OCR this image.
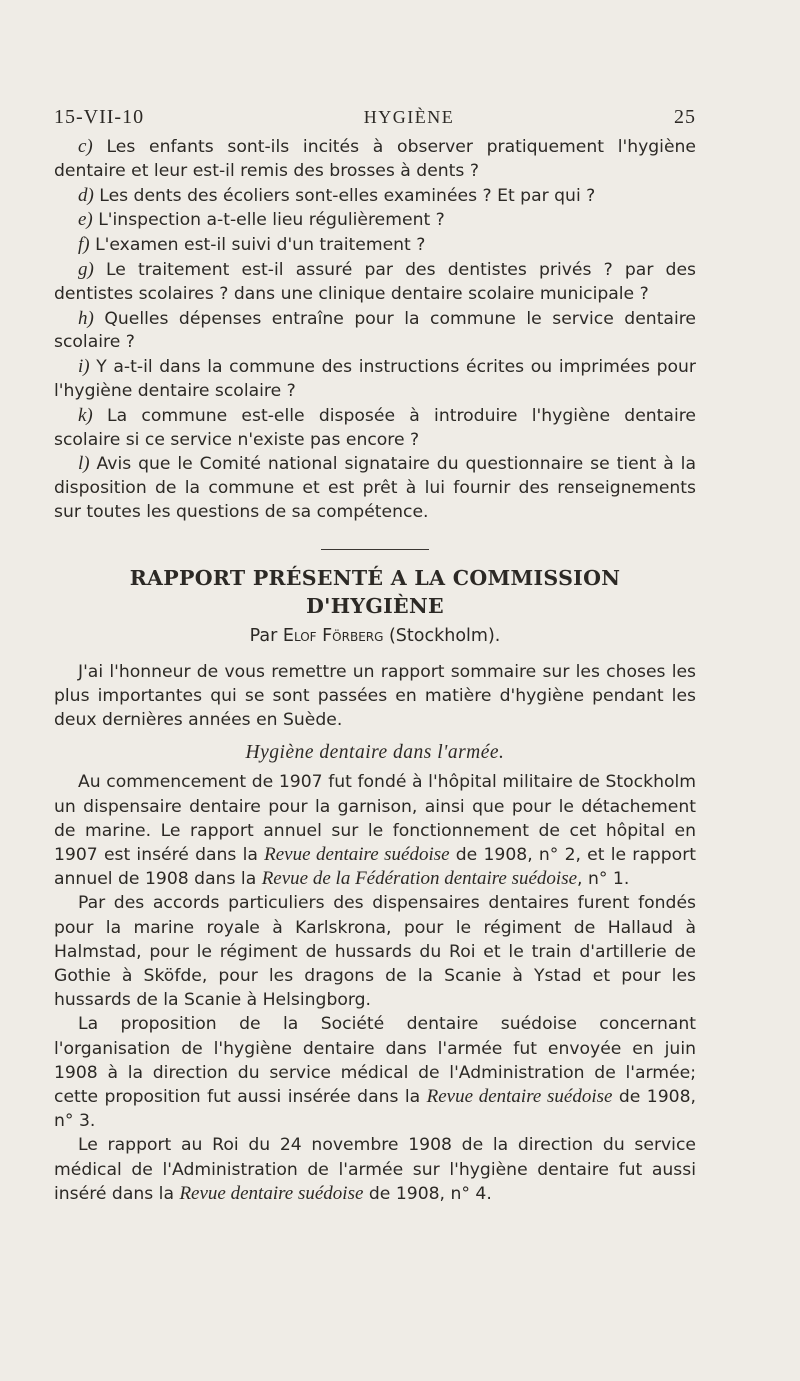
15-VII-10	HYGIÈNE	25

c) Les enfants sont-ils incités à observer pratiquement l'hygiène dentaire et leur est-il remis des brosses à dents ?

d) Les dents des écoliers sont-elles examinées ? Et par qui ?

e) L'inspection a-t-elle lieu régulièrement ?

f) L'examen est-il suivi d'un traitement ?

g) Le traitement est-il assuré par des dentistes privés ? par des dentistes scolaires ? dans une clinique dentaire scolaire municipale ?

h) Quelles dépenses entraîne pour la commune le service dentaire scolaire ?

i) Y a-t-il dans la commune des instructions écrites ou imprimées pour l'hygiène dentaire scolaire ?

k) La commune est-elle disposée à introduire l'hygiène dentaire scolaire si ce service n'existe pas encore ?

l) Avis que le Comité national signataire du questionnaire se tient à la disposition de la commune et est prêt à lui fournir des renseignements sur toutes les questions de sa compétence.

RAPPORT PRÉSENTÉ A LA COMMISSION
D'HYGIÈNE
Par Elof Förberg (Stockholm).

J'ai l'honneur de vous remettre un rapport sommaire sur les choses les plus importantes qui se sont passées en matière d'hygiène pendant les deux dernières années en Suède.

Hygiène dentaire dans l'armée.

Au commencement de 1907 fut fondé à l'hôpital militaire de Stockholm un dispensaire dentaire pour la garnison, ainsi que pour le détachement de marine. Le rapport annuel sur le fonctionnement de cet hôpital en 1907 est inséré dans la Revue dentaire suédoise de 1908, n° 2, et le rapport annuel de 1908 dans la Revue de la Fédération dentaire suédoise, n° 1.

Par des accords particuliers des dispensaires dentaires furent fondés pour la marine royale à Karlskrona, pour le régiment de Hallaud à Halmstad, pour le régiment de hussards du Roi et le train d'artillerie de Gothie à Sköfde, pour les dragons de la Scanie à Ystad et pour les hussards de la Scanie à Helsingborg.

La proposition de la Société dentaire suédoise concernant l'organisation de l'hygiène dentaire dans l'armée fut envoyée en juin 1908 à la direction du service médical de l'Administration de l'armée; cette proposition fut aussi insérée dans la Revue dentaire suédoise de 1908, n° 3.

Le rapport au Roi du 24 novembre 1908 de la direction du service médical de l'Administration de l'armée sur l'hygiène dentaire fut aussi inséré dans la Revue dentaire suédoise de 1908, n° 4.
